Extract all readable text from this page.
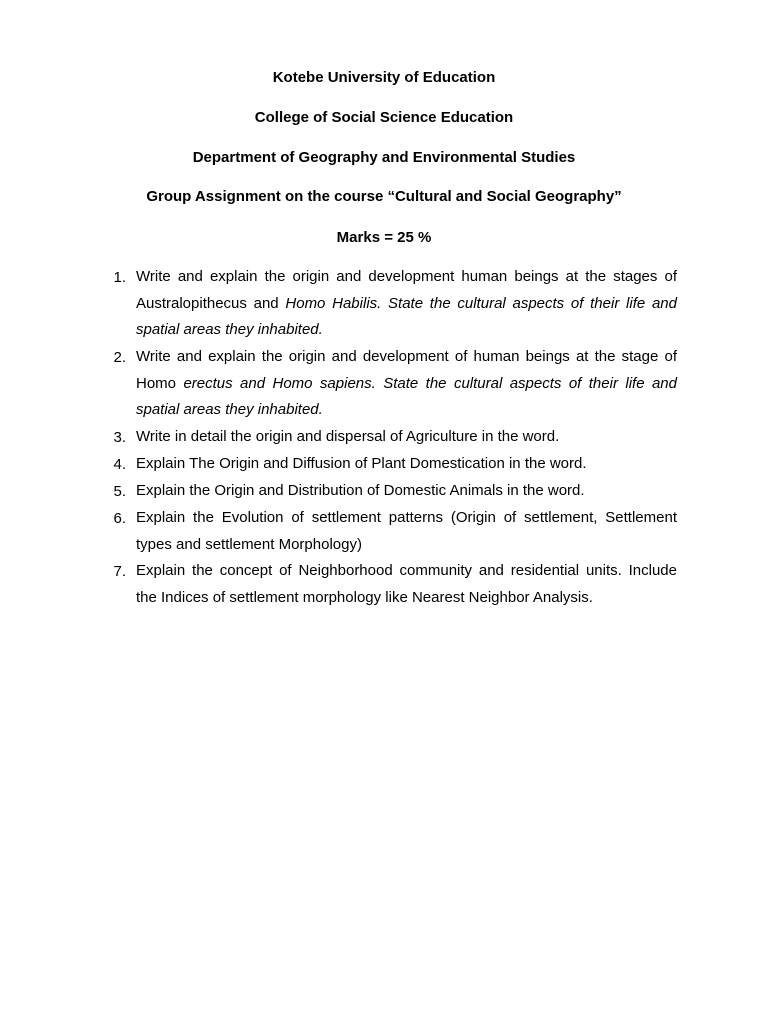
Kotebe University of Education
College of Social Science Education
Department of Geography and Environmental Studies
Group Assignment on the course “Cultural and Social Geography”
Marks = 25 %
1. Write and explain the origin and development human beings at the stages of Australopithecus and Homo Habilis. State the cultural aspects of their life and spatial areas they inhabited.
2. Write and explain the origin and development of human beings at the stage of Homo erectus and Homo sapiens. State the cultural aspects of their life and spatial areas they inhabited.
3. Write in detail the origin and dispersal of Agriculture in the word.
4. Explain The Origin and Diffusion of Plant Domestication in the word.
5. Explain the Origin and Distribution of Domestic Animals in the word.
6. Explain the Evolution of settlement patterns (Origin of settlement, Settlement types and settlement Morphology)
7. Explain the concept of Neighborhood community and residential units. Include the Indices of settlement morphology like Nearest Neighbor Analysis.
